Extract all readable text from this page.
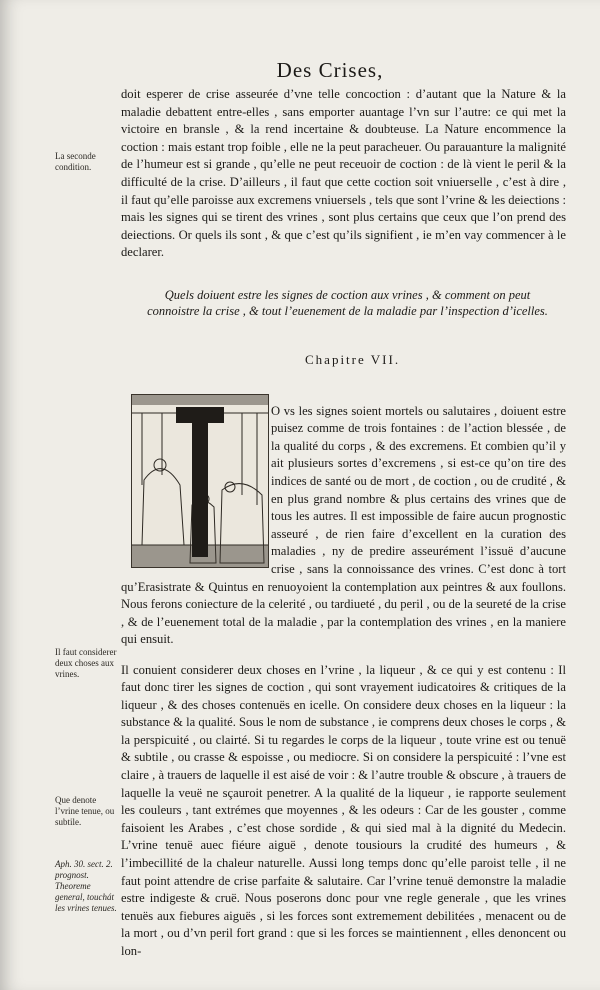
Des Crises,

doit esperer de crise asseurée d’vne telle concoction : d’autant que la Nature & la maladie debattent entre-elles , sans emporter auantage l’vn sur l’autre: ce qui met la victoire en bransle , & la rend incertaine & doubteuse. La Nature encommence la coction : mais estant trop foible , elle ne la peut paracheuer. Ou parauanture la malignité de l’humeur est si grande , qu’elle ne peut receuoir de coction : de là vient le peril & la difficulté de la crise. D’ailleurs , il faut que cette coction soit vniuerselle , c’est à dire , il faut qu’elle paroisse aux excremens vniuersels , tels que sont l’vrine & les deiections : mais les signes qui se tirent des vrines , sont plus certains que ceux que l’on prend des deiections. Or quels ils sont , & que c’est qu’ils signifient , ie m’en vay commencer à le declarer.

La seconde condition.
Quels doiuent estre les signes de coction aux vrines , & comment on peut connoistre la crise , & tout l’euenement de la maladie par l’inspection d’icelles.
Chapitre VII.

O vs les signes soient mortels ou salutaires , doiuent estre puisez comme de trois fontaines : de l’action blessée , de la qualité du corps , & des excremens. Et combien qu’il y ait plusieurs sortes d’excremens , si est-ce qu’on tire des indices de santé ou de mort , de coction , ou de crudité , & en plus grand nombre & plus certains des vrines que de tous les autres. Il est impossible de faire aucun prognostic asseuré , de rien faire d’excellent en la curation des maladies , ny de predire asseurément l’issuë d’aucune crise , sans la connoissance des vrines. C’est donc à tort qu’Erasistrate & Quintus en renuoyoient la contemplation aux peintres & aux foullons. Nous ferons coniecture de la celerité , ou tardiueté , du peril , ou de la seureté de la crise , & de l’euenement total de la maladie , par la contemplation des vrines , en la maniere qui ensuit.

Il conuient considerer deux choses en l’vrine , la liqueur , & ce qui y est contenu : Il faut donc tirer les signes de coction , qui sont vrayement iudicatoires & critiques de la liqueur , & des choses contenuës en icelle. On considere deux choses en la liqueur : la substance & la qualité. Sous le nom de substance , ie comprens deux choses le corps , & la perspicuité , ou clairté. Si tu regardes le corps de la liqueur , toute vrine est ou tenuë & subtile , ou crasse & espoisse , ou mediocre. Si on considere la perspicuité : l’vne est claire , à trauers de laquelle il est aisé de voir : & l’autre trouble & obscure , à trauers de laquelle la veuë ne sçauroit penetrer. A la qualité de la liqueur , ie rapporte seulement les couleurs , tant extrémes que moyennes , & les odeurs : Car de les gouster , comme faisoient les Arabes , c’est chose sordide , & qui sied mal à la dignité du Medecin. L’vrine tenuë auec fiéure aiguë , denote tousiours la crudité des humeurs , & l’imbecillité de la chaleur naturelle. Aussi long temps donc qu’elle paroist telle , il ne faut point attendre de crise parfaite & salutaire. Car l’vrine tenuë demonstre la maladie estre indigeste & cruë. Nous poserons donc pour vne regle generale , que les vrines tenuës aux fiebures aiguës , si les forces sont extremement debilitées , menacent ou de la mort , ou d’vn peril fort grand : que si les forces se maintiennent , elles denoncent ou lon-

Il faut considerer deux choses aux vrines.
Que denote l’vrine tenue, ou subtile.
Aph. 30. sect. 2. prognost. Theoreme general, touchát les vrines tenues.
